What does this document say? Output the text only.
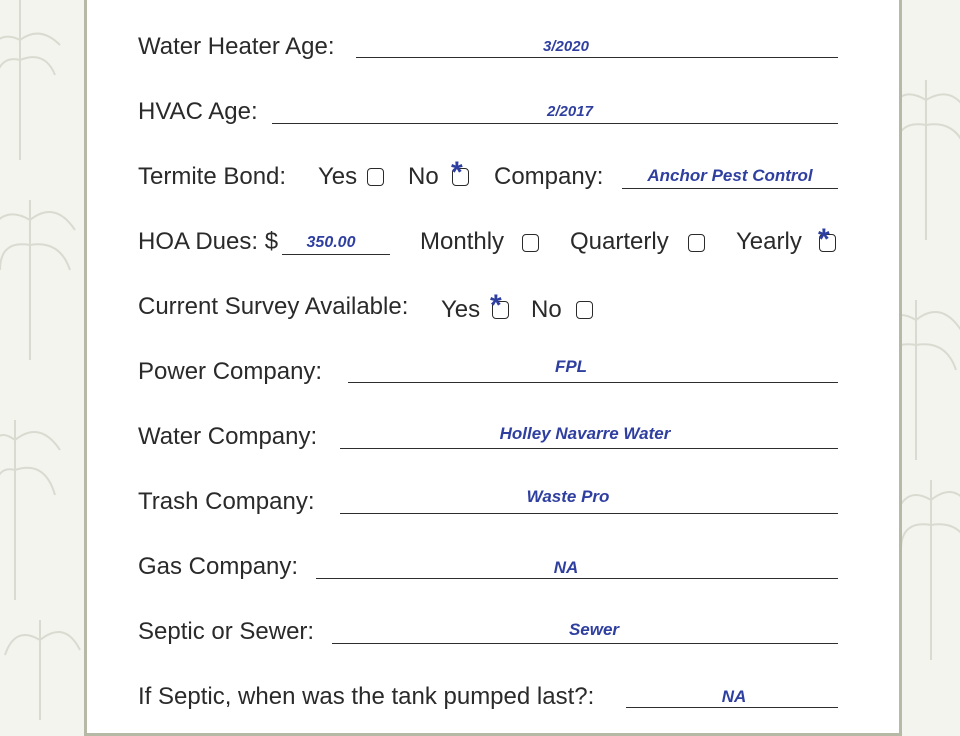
Water Heater Age:	3/2020
HVAC Age:	2/2017
Termite Bond: Yes No * Company:	Anchor Pest Control
HOA Dues: $	350.00	Monthly	Quarterly	Yearly *
Current Survey Available: Yes * No
Power Company:	FPL
Water Company:	Holley Navarre Water
Trash Company:	Waste Pro
Gas Company:	NA
Septic or Sewer:	Sewer
If Septic, when was the tank pumped last?:	NA
